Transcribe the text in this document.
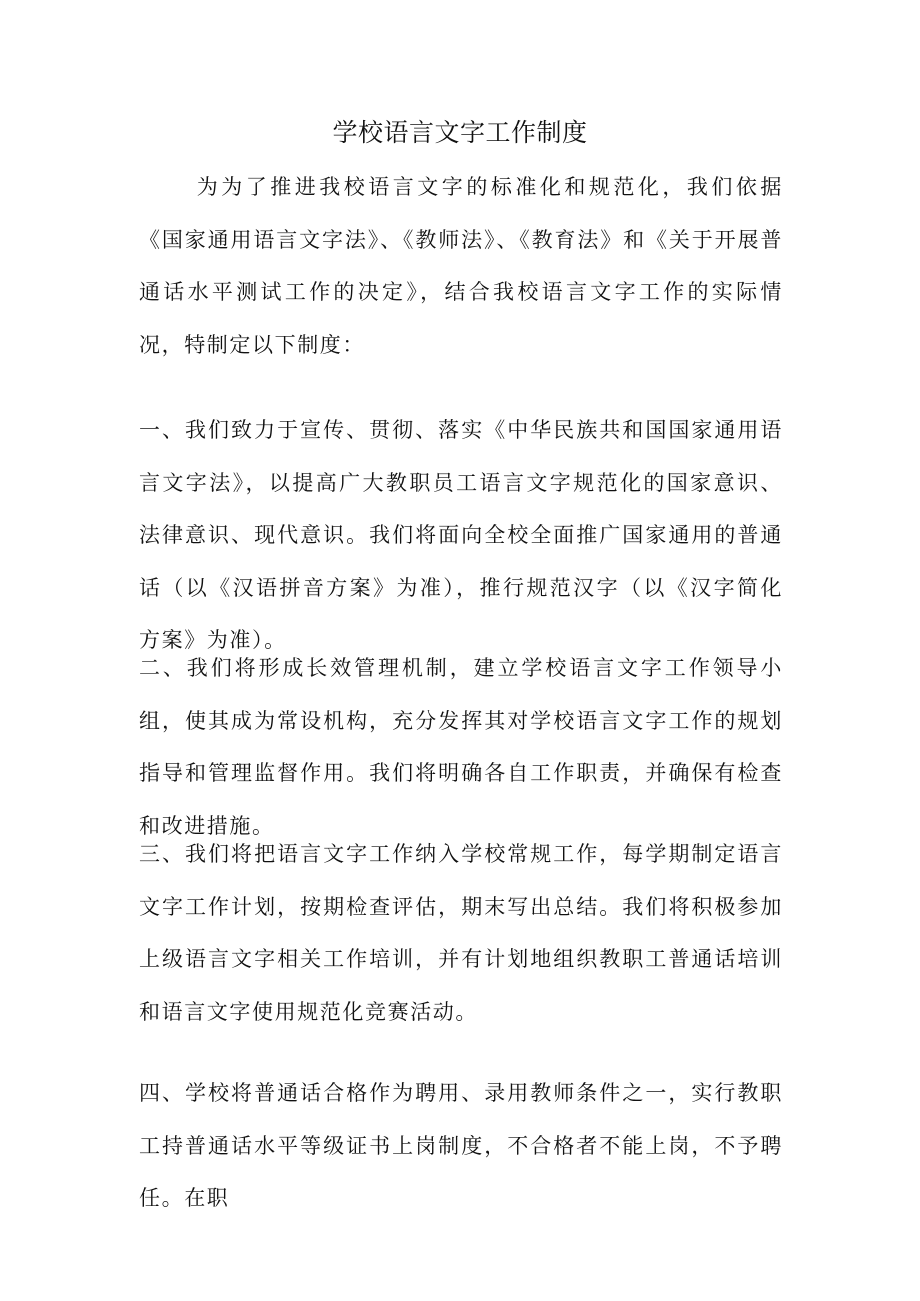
学校语言文字工作制度

为为了推进我校语言文字的标准化和规范化，我们依据《国家通用语言文字法》、《教师法》、《教育法》和《关于开展普通话水平测试工作的决定》，结合我校语言文字工作的实际情况，特制定以下制度：

一、我们致力于宣传、贯彻、落实《中华民族共和国国家通用语言文字法》，以提高广大教职员工语言文字规范化的国家意识、法律意识、现代意识。我们将面向全校全面推广国家通用的普通话（以《汉语拼音方案》为准），推行规范汉字（以《汉字简化方案》为准）。

二、我们将形成长效管理机制，建立学校语言文字工作领导小组，使其成为常设机构，充分发挥其对学校语言文字工作的规划指导和管理监督作用。我们将明确各自工作职责，并确保有检查和改进措施。

三、我们将把语言文字工作纳入学校常规工作，每学期制定语言文字工作计划，按期检查评估，期末写出总结。我们将积极参加上级语言文字相关工作培训，并有计划地组织教职工普通话培训和语言文字使用规范化竞赛活动。

四、学校将普通话合格作为聘用、录用教师条件之一，实行教职工持普通话水平等级证书上岗制度，不合格者不能上岗，不予聘任。在职
